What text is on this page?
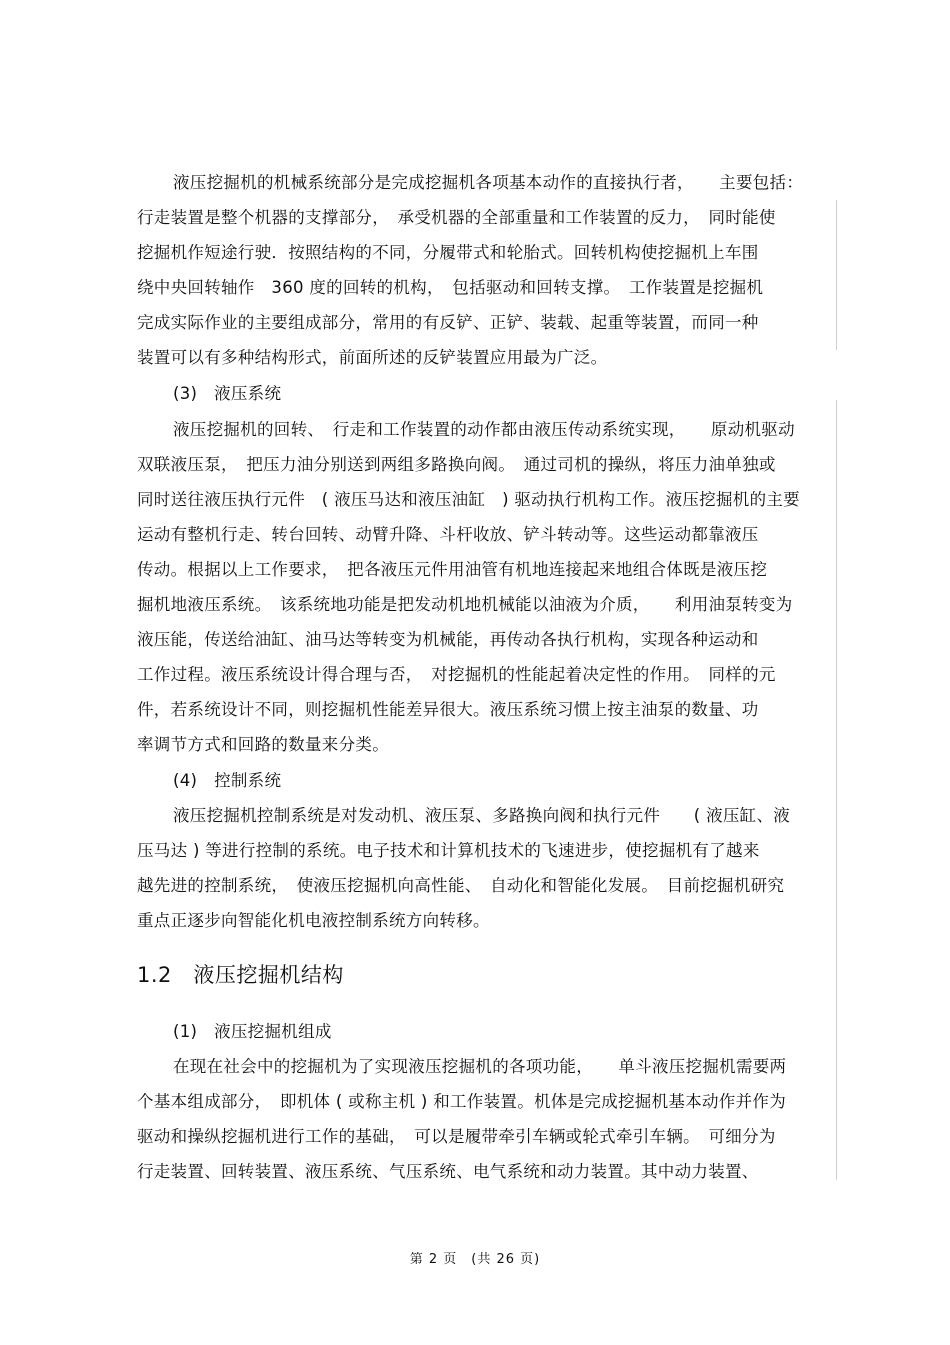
液压挖掘机的机械系统部分是完成挖掘机各项基本动作的直接执行者，　　主要包括：
行走装置是整个机器的支撑部分，　承受机器的全部重量和工作装置的反力，　同时能使
挖掘机作短途行驶．按照结构的不同，分履带式和轮胎式。回转机构使挖掘机上车围
绕中央回转轴作　360 度的回转的机构，　包括驱动和回转支撑。　工作装置是挖掘机
完成实际作业的主要组成部分，常用的有反铲、正铲、装载、起重等装置，而同一种
装置可以有多种结构形式，前面所述的反铲装置应用最为广泛。
(3)　液压系统
液压挖掘机的回转、　行走和工作装置的动作都由液压传动系统实现，　　原动机驱动
双联液压泵，　把压力油分别送到两组多路换向阀。　通过司机的操纵，将压力油单独或
同时送往液压执行元件　( 液压马达和液压油缸　) 驱动执行机构工作。液压挖掘机的主要
运动有整机行走、转台回转、动臂升降、斗杆收放、铲斗转动等。这些运动都靠液压
传动。根据以上工作要求，　把各液压元件用油管有机地连接起来地组合体既是液压挖
掘机地液压系统。　该系统地功能是把发动机地机械能以油液为介质，　　利用油泵转变为
液压能，传送给油缸、油马达等转变为机械能，再传动各执行机构，实现各种运动和
工作过程。液压系统设计得合理与否，　对挖掘机的性能起着决定性的作用。　同样的元
件，若系统设计不同，则挖掘机性能差异很大。液压系统习惯上按主油泵的数量、功
率调节方式和回路的数量来分类。
(4)　控制系统
液压挖掘机控制系统是对发动机、液压泵、多路换向阀和执行元件　　( 液压缸、液
压马达 ) 等进行控制的系统。电子技术和计算机技术的飞速进步，使挖掘机有了越来
越先进的控制系统，　使液压挖掘机向高性能、　自动化和智能化发展。　目前挖掘机研究
重点正逐步向智能化机电液控制系统方向转移。
1.2　液压挖掘机结构
(1)　液压挖掘机组成
在现在社会中的挖掘机为了实现液压挖掘机的各项功能，　　单斗液压挖掘机需要两
个基本组成部分，　即机体 ( 或称主机 ) 和工作装置。机体是完成挖掘机基本动作并作为
驱动和操纵挖掘机进行工作的基础，　可以是履带牵引车辆或轮式牵引车辆。　可细分为
行走装置、回转装置、液压系统、气压系统、电气系统和动力装置。其中动力装置、
第 2 页　(共 26 页)
